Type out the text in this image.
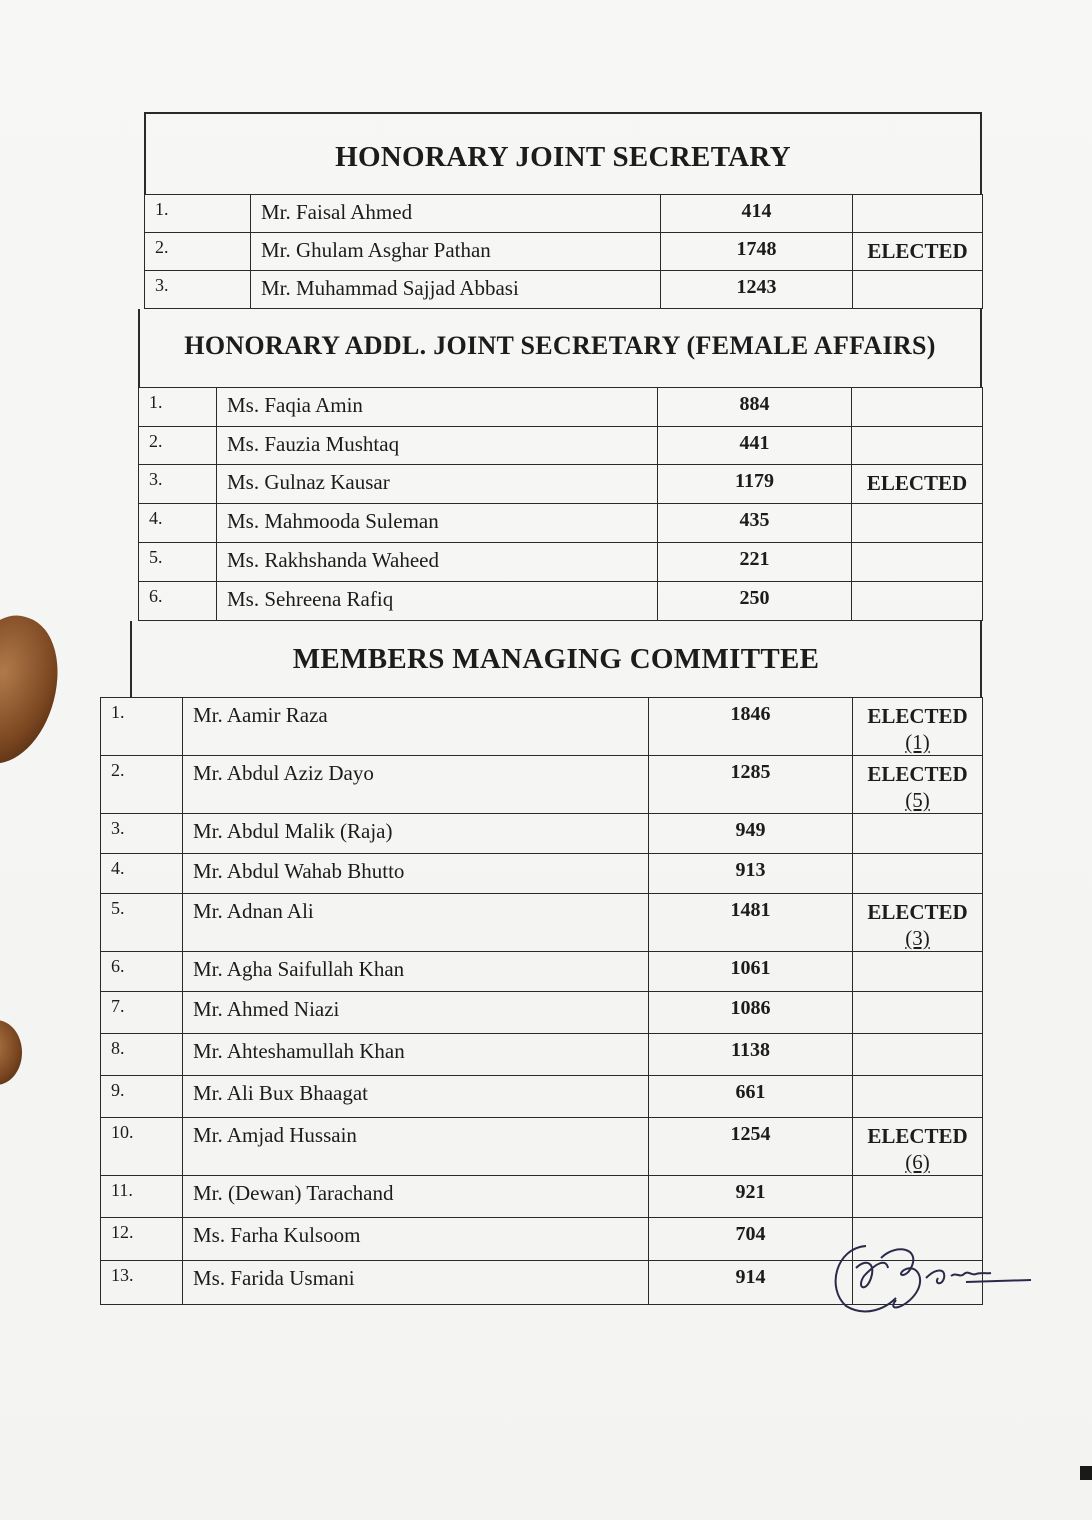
HONORARY JOINT SECRETARY
1.	Mr. Faisal Ahmed	414	

2.	Mr. Ghulam Asghar Pathan	1748	ELECTED

3.	Mr. Muhammad Sajjad Abbasi	1243	
HONORARY ADDL. JOINT SECRETARY (FEMALE AFFAIRS)
1.	Ms. Faqia Amin	884	

2.	Ms. Fauzia Mushtaq	441	

3.	Ms. Gulnaz Kausar	1179	ELECTED

4.	Ms. Mahmooda Suleman	435	

5.	Ms. Rakhshanda Waheed	221	

6.	Ms. Sehreena Rafiq	250	
MEMBERS MANAGING COMMITTEE
1.	Mr. Aamir Raza	1846	ELECTED
(1)

2.	Mr. Abdul Aziz Dayo	1285	ELECTED
(5)

3.	Mr. Abdul Malik (Raja)	949	

4.	Mr. Abdul Wahab Bhutto	913	

5.	Mr. Adnan Ali	1481	ELECTED
(3)

6.	Mr. Agha Saifullah Khan	1061	

7.	Mr. Ahmed Niazi	1086	

8.	Mr. Ahteshamullah Khan	1138	

9.	Mr. Ali Bux Bhaagat	661	

10.	Mr. Amjad Hussain	1254	ELECTED
(6)

11.	Mr. (Dewan) Tarachand	921	

12.	Ms. Farha Kulsoom	704	

13.	Ms. Farida Usmani	914	
